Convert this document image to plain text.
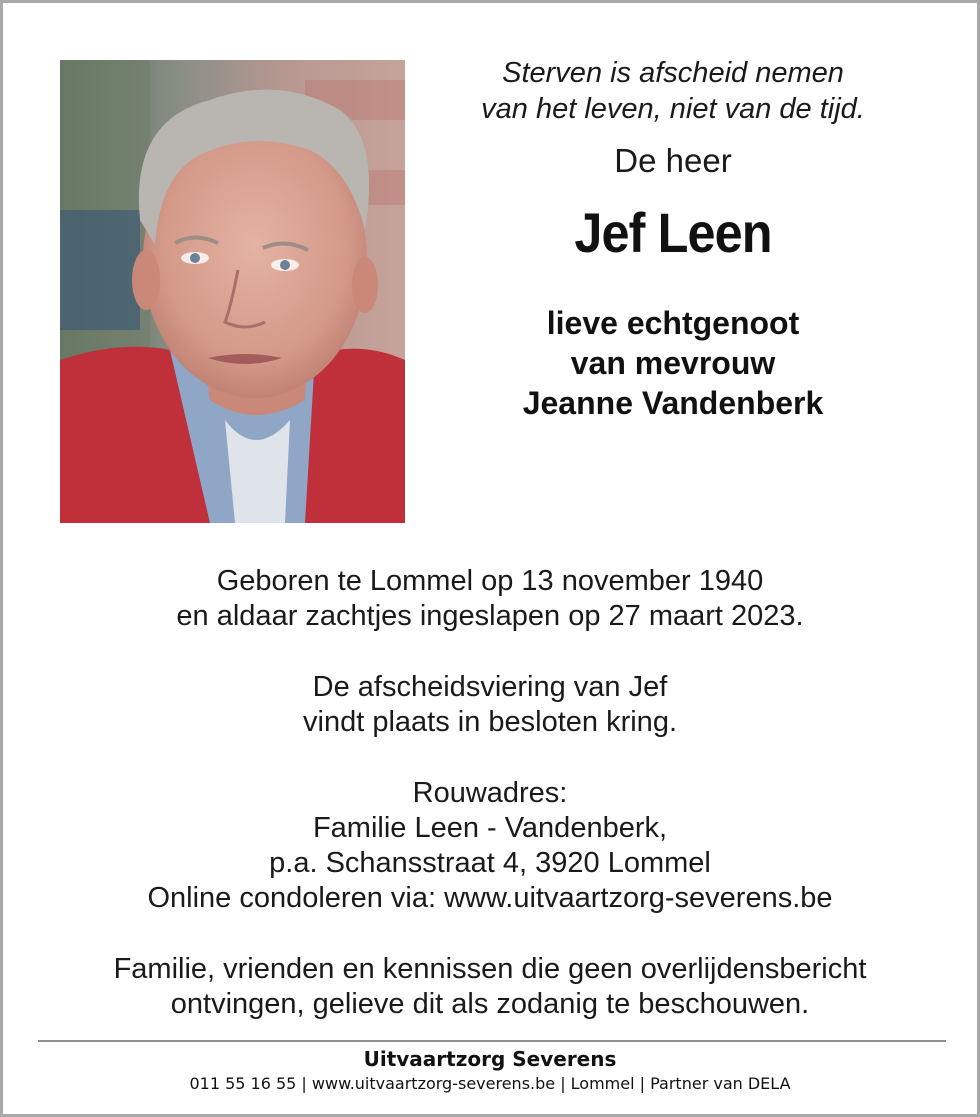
Sterven is afscheid nemen
van het leven, niet van de tijd.
De heer
Jef Leen
lieve echtgenoot
van mevrouw
Jeanne Vandenberk
Geboren te Lommel op 13 november 1940
en aldaar zachtjes ingeslapen op 27 maart 2023.
De afscheidsviering van Jef
vindt plaats in besloten kring.
Rouwadres:
Familie Leen - Vandenberk,
p.a. Schansstraat 4, 3920 Lommel
Online condoleren via: www.uitvaartzorg-severens.be
Familie, vrienden en kennissen die geen overlijdensbericht
ontvingen, gelieve dit als zodanig te beschouwen.
Uitvaartzorg Severens
011 55 16 55 | www.uitvaartzorg-severens.be | Lommel | Partner van DELA
